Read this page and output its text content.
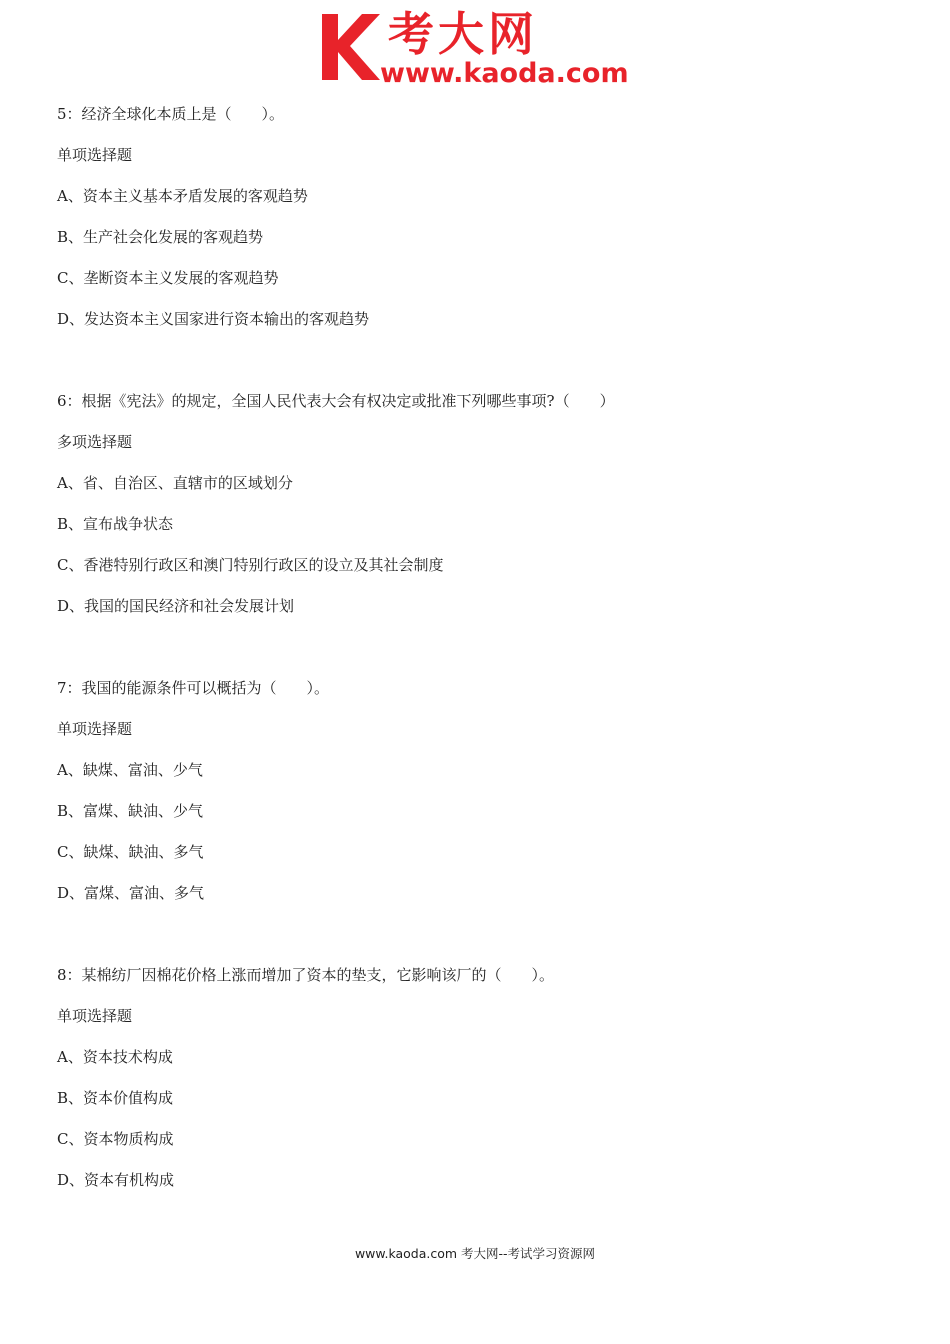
考大网
www.kaoda.com
5：经济全球化本质上是（　　）。
单项选择题
A、资本主义基本矛盾发展的客观趋势
B、生产社会化发展的客观趋势
C、垄断资本主义发展的客观趋势
D、发达资本主义国家进行资本输出的客观趋势
6：根据《宪法》的规定，全国人民代表大会有权决定或批准下列哪些事项?（　　）
多项选择题
A、省、自治区、直辖市的区域划分
B、宣布战争状态
C、香港特别行政区和澳门特别行政区的设立及其社会制度
D、我国的国民经济和社会发展计划
7：我国的能源条件可以概括为（　　）。
单项选择题
A、缺煤、富油、少气
B、富煤、缺油、少气
C、缺煤、缺油、多气
D、富煤、富油、多气
8：某棉纺厂因棉花价格上涨而增加了资本的垫支，它影响该厂的（　　）。
单项选择题
A、资本技术构成
B、资本价值构成
C、资本物质构成
D、资本有机构成
www.kaoda.com 考大网--考试学习资源网
